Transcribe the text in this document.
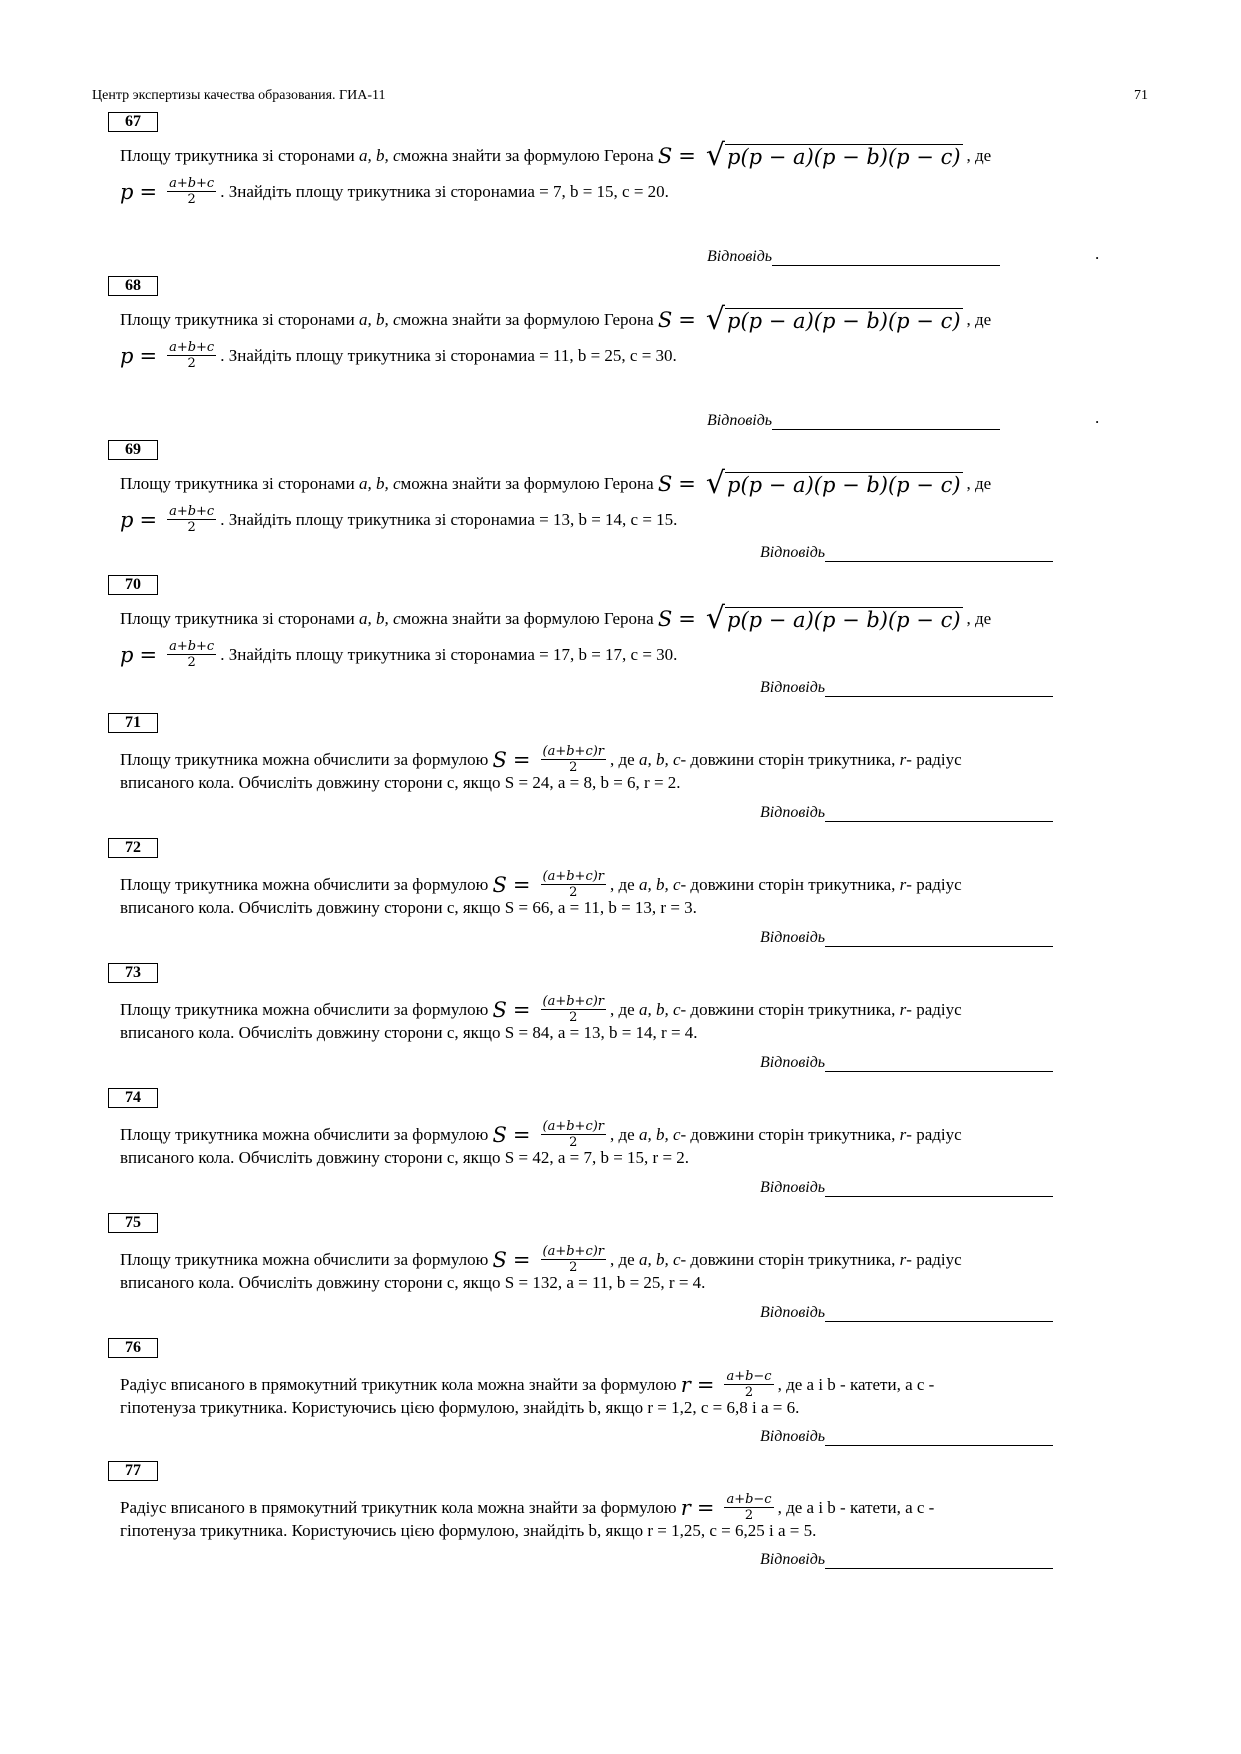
Центр экспертизы качества образования. ГИА-11	71
67
Площу трикутника зі сторонами
a, b, c можна знайти за формулою Герона
S = √ p(p − a)(p − b)(p − c) , де
$p = \frac{a+b+c}{2}$ . Знайдіть площу трикутника зі сторонами a = 7, b = 15, c = 20.
Відповідь	.
68
Площу трикутника зі сторонами
a, b, c можна знайти за формулою Герона
S = √ p(p − a)(p − b)(p − c) , де
$p = \frac{a+b+c}{2}$ . Знайдіть площу трикутника зі сторонами a = 11, b = 25, c = 30.
Відповідь	.
69
Площу трикутника зі сторонами
a, b, c можна знайти за формулою Герона
S = √ p(p − a)(p − b)(p − c) , де
$p = \frac{a+b+c}{2}$ . Знайдіть площу трикутника зі сторонами a = 13, b = 14, c = 15.
Відповідь
70
Площу трикутника зі сторонами
a, b, c можна знайти за формулою Герона
S = √ p(p − a)(p − b)(p − c) , де
$p = \frac{a+b+c}{2}$ . Знайдіть площу трикутника зі сторонами a = 17, b = 17, c = 30.
Відповідь
71
Площу трикутника можна обчислити за формулою
$S = \frac{(a+b+c)r}{2}$ , де
a, b, c - довжини сторін трикутника,
r - радіус
вписаного кола. Обчисліть довжину сторони
c, якщо S = 24, a = 8, b = 6, r = 2.
Відповідь
72
Площу трикутника можна обчислити за формулою
$S = \frac{(a+b+c)r}{2}$ , де
a, b, c - довжини сторін трикутника,
r - радіус
вписаного кола. Обчисліть довжину сторони
c, якщо S = 66, a = 11, b = 13, r = 3.
Відповідь
73
Площу трикутника можна обчислити за формулою
$S = \frac{(a+b+c)r}{2}$ , де
a, b, c - довжини сторін трикутника,
r - радіус
вписаного кола. Обчисліть довжину сторони
c, якщо S = 84, a = 13, b = 14, r = 4.
Відповідь
74
Площу трикутника можна обчислити за формулою
$S = \frac{(a+b+c)r}{2}$ , де
a, b, c - довжини сторін трикутника,
r - радіус
вписаного кола. Обчисліть довжину сторони
c, якщо S = 42, a = 7, b = 15, r = 2.
Відповідь
75
Площу трикутника можна обчислити за формулою
$S = \frac{(a+b+c)r}{2}$ , де
a, b, c - довжини сторін трикутника,
r - радіус
вписаного кола. Обчисліть довжину сторони
c, якщо S = 132, a = 11, b = 25, r = 4.
Відповідь
76
Радіус вписаного в прямокутний трикутник кола можна знайти за формулою
$r = \frac{a+b-c}{2}$ , де a і b - катети, а c -
гіпотенуза трикутника. Користуючись цією формулою, знайдіть
b, якщо r = 1,2, c = 6,8 і a = 6.
Відповідь
77
Радіус вписаного в прямокутний трикутник кола можна знайти за формулою
$r = \frac{a+b-c}{2}$ , де a і b - катети, а c -
гіпотенуза трикутника. Користуючись цією формулою, знайдіть
b, якщо r = 1,25, c = 6,25 і a = 5.
Відповідь
